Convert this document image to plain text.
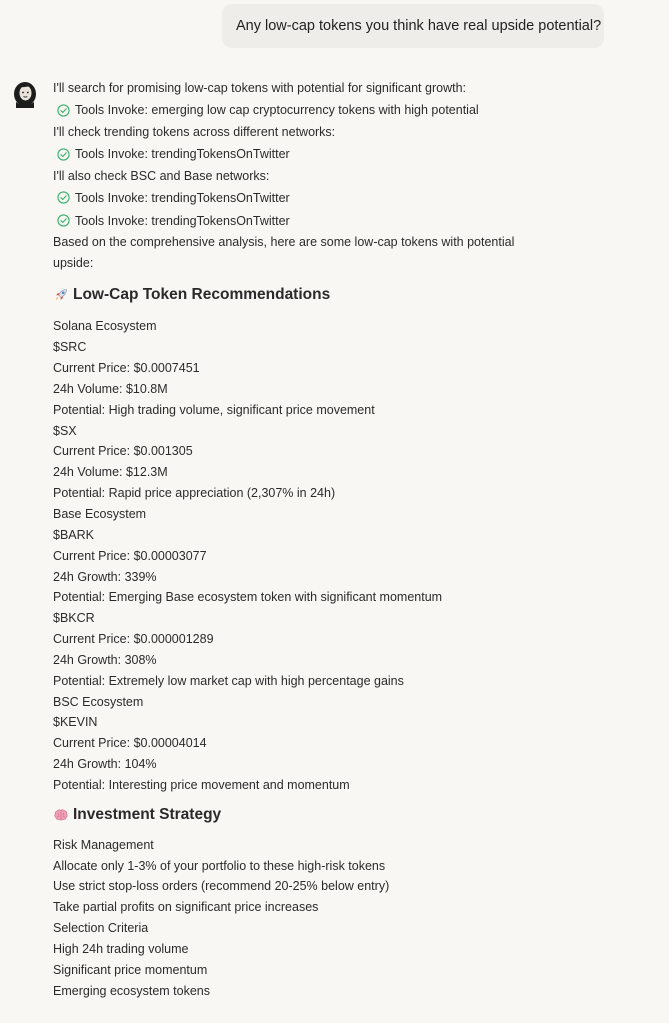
Any low-cap tokens you think have real upside potential?
I'll search for promising low-cap tokens with potential for significant growth:
Tools Invoke: emerging low cap cryptocurrency tokens with high potential
I'll check trending tokens across different networks:
Tools Invoke: trendingTokensOnTwitter
I'll also check BSC and Base networks:
Tools Invoke: trendingTokensOnTwitter
Tools Invoke: trendingTokensOnTwitter
Based on the comprehensive analysis, here are some low-cap tokens with potential
upside:
Low-Cap Token Recommendations
Solana Ecosystem
$SRC
Current Price: $0.0007451
24h Volume: $10.8M
Potential: High trading volume, significant price movement
$SX
Current Price: $0.001305
24h Volume: $12.3M
Potential: Rapid price appreciation (2,307% in 24h)
Base Ecosystem
$BARK
Current Price: $0.00003077
24h Growth: 339%
Potential: Emerging Base ecosystem token with significant momentum
$BKCR
Current Price: $0.000001289
24h Growth: 308%
Potential: Extremely low market cap with high percentage gains
BSC Ecosystem
$KEVIN
Current Price: $0.00004014
24h Growth: 104%
Potential: Interesting price movement and momentum
Investment Strategy
Risk Management
Allocate only 1-3% of your portfolio to these high-risk tokens
Use strict stop-loss orders (recommend 20-25% below entry)
Take partial profits on significant price increases
Selection Criteria
High 24h trading volume
Significant price momentum
Emerging ecosystem tokens
